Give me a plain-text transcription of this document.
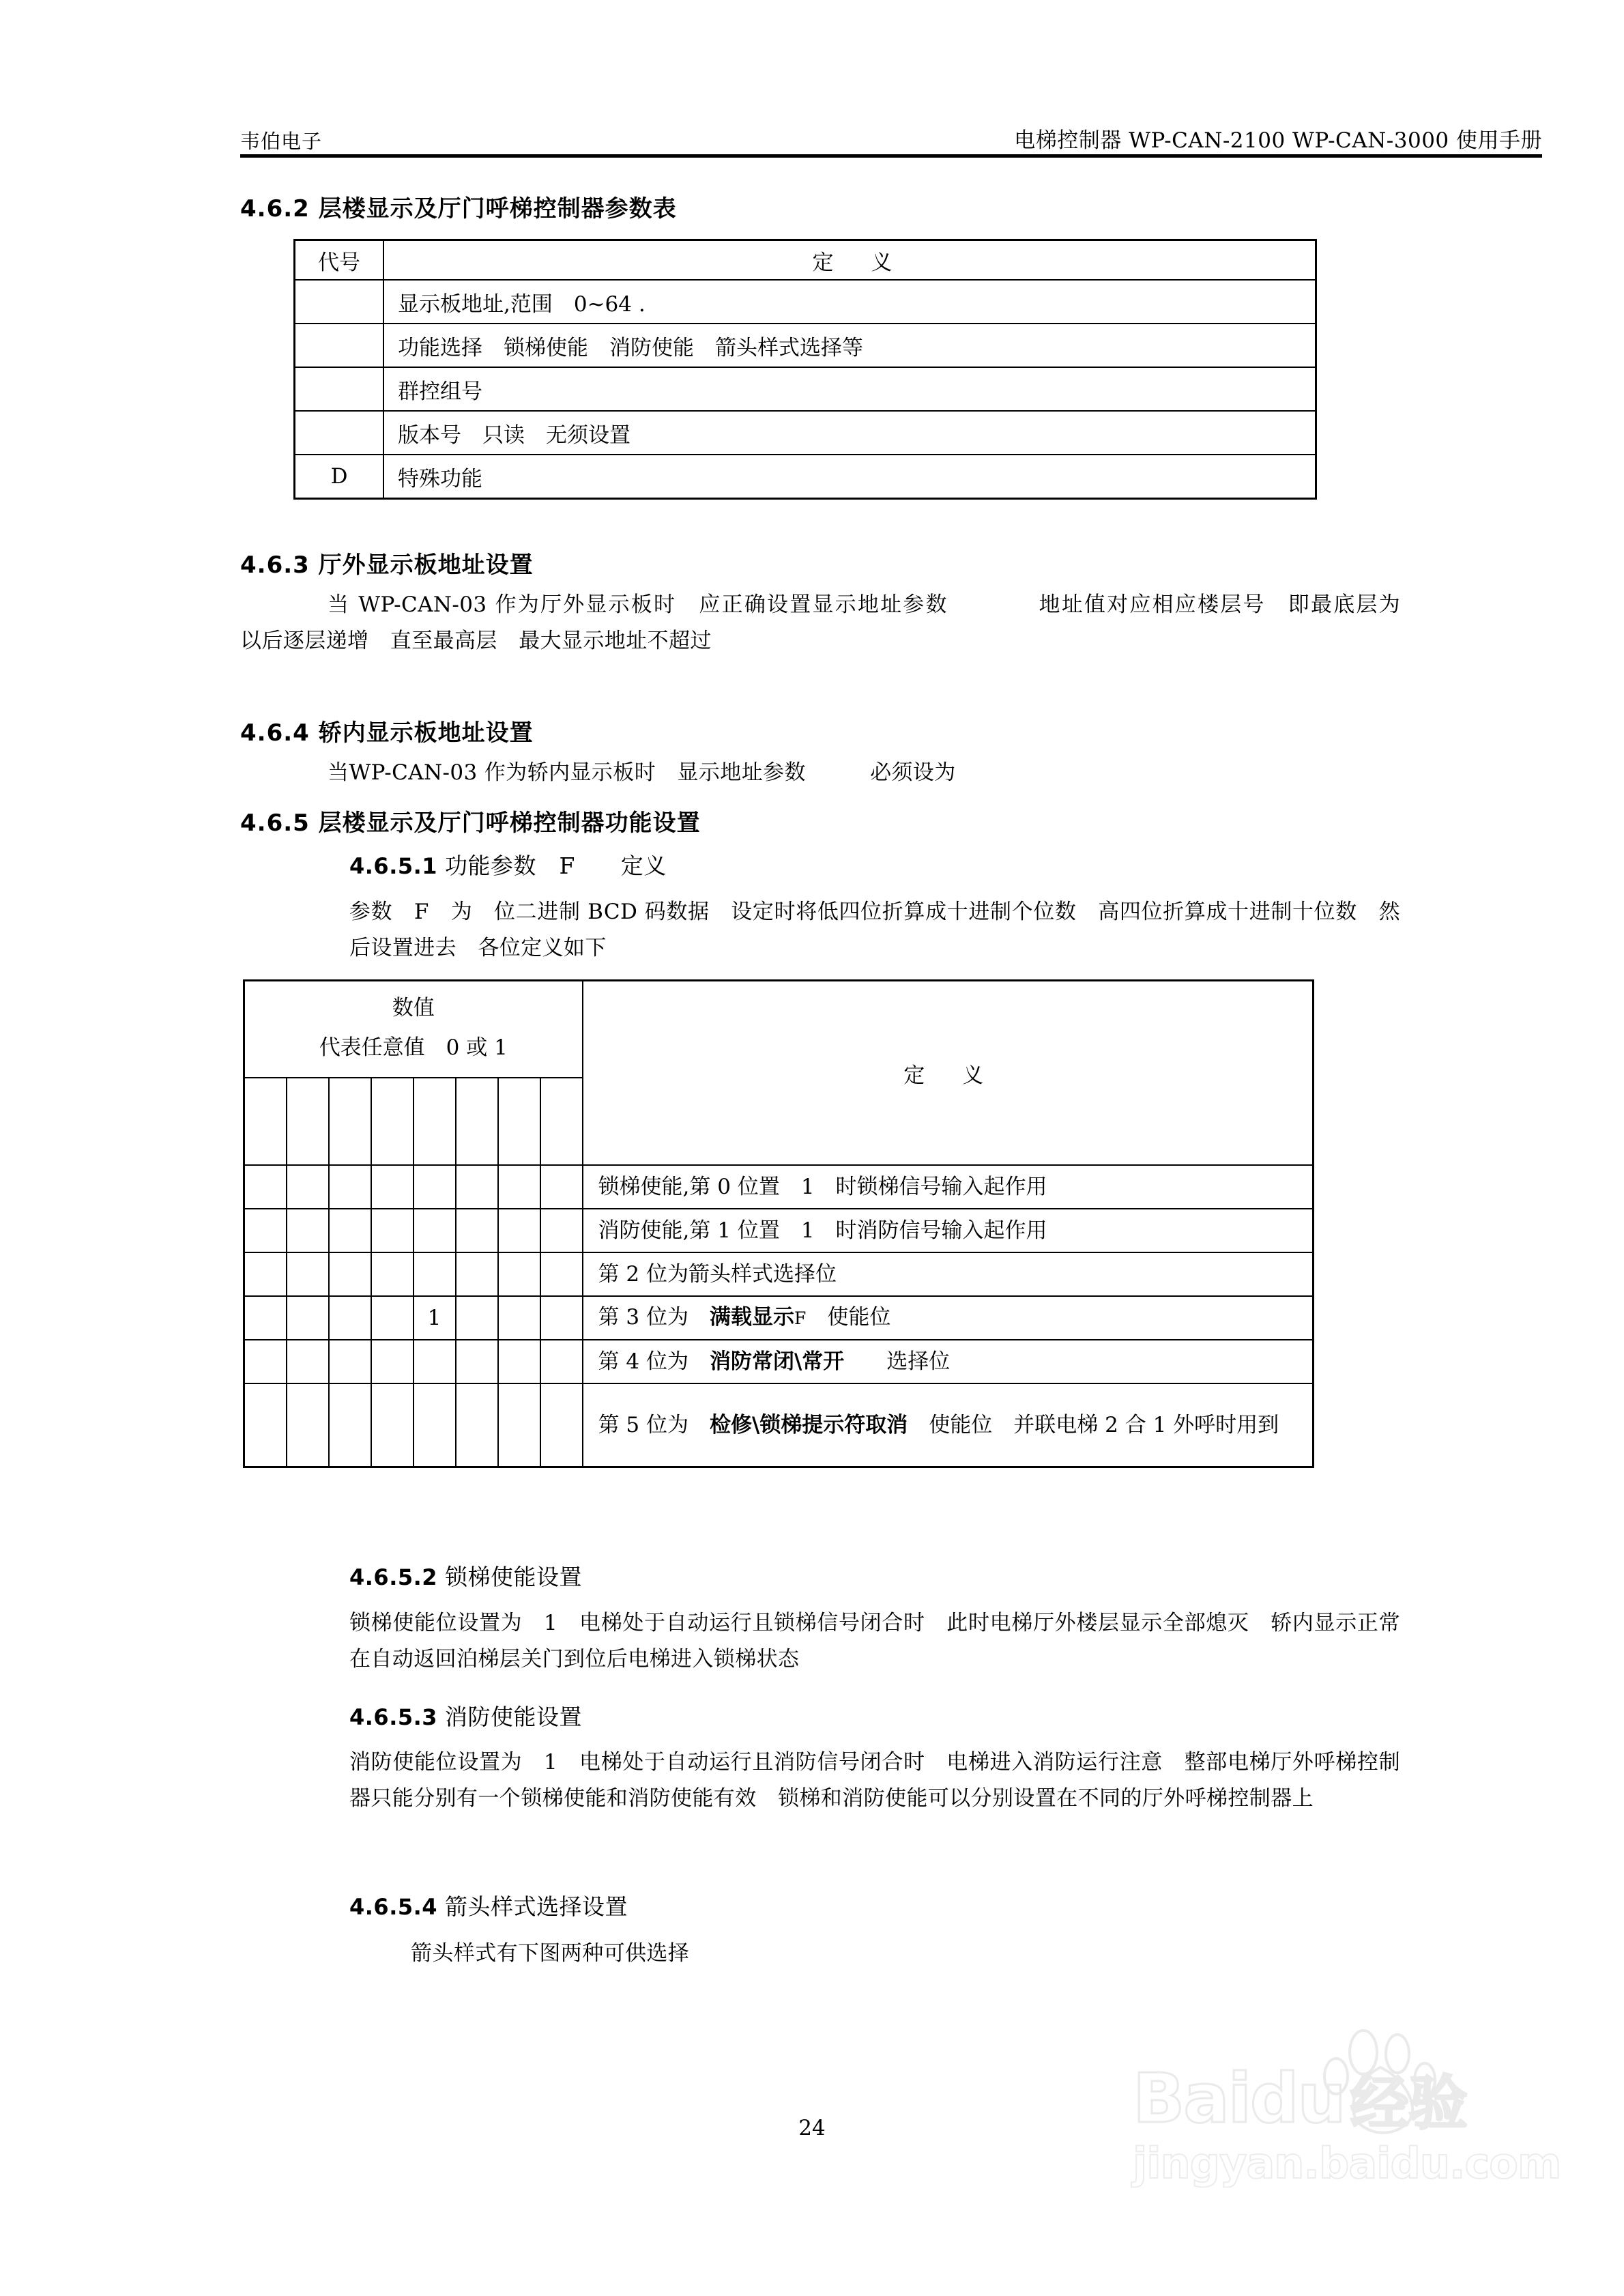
韦伯电子	电梯控制器 WP-CAN-2100 WP-CAN-3000 使用手册
4.6.2 层楼显示及厅门呼梯控制器参数表
代号	定　义
	显示板地址,范围　0~64 .
	功能选择　锁梯使能　消防使能　箭头样式选择等
	群控组号
	版本号　只读　无须设置
D	特殊功能
4.6.3 厅外显示板地址设置
当 WP-CAN-03 作为厅外显示板时　应正确设置显示地址参数　　　　地址值对应相应楼层号　即最底层为　　　　　以后逐层递增　直至最高层　最大显示地址不超过
4.6.4 轿内显示板地址设置
当WP-CAN-03 作为轿内显示板时　显示地址参数　　　必须设为
4.6.5 层楼显示及厅门呼梯控制器功能设置
4.6.5.1 功能参数　F　　定义
参数　F　为　位二进制 BCD 码数据　设定时将低四位折算成十进制个位数　高四位折算成十进制十位数　然后设置进去　各位定义如下
数值
代表任意值　0 或 1								定　义

								锁梯使能,第 0 位置　1　时锁梯信号输入起作用
								消防使能,第 1 位置　1　时消防信号输入起作用
								第 2 位为箭头样式选择位
				1				第 3 位为　满载显示F　使能位
								第 4 位为　消防常闭\常开　　选择位
								第 5 位为　检修\锁梯提示符取消　使能位　并联电梯 2 合 1 外呼时用到
4.6.5.2 锁梯使能设置
锁梯使能位设置为　1　电梯处于自动运行且锁梯信号闭合时　此时电梯厅外楼层显示全部熄灭　轿内显示正常　在自动返回泊梯层关门到位后电梯进入锁梯状态
4.6.5.3 消防使能设置
消防使能位设置为　1　电梯处于自动运行且消防信号闭合时　电梯进入消防运行注意　整部电梯厅外呼梯控制器只能分别有一个锁梯使能和消防使能有效　锁梯和消防使能可以分别设置在不同的厅外呼梯控制器上
4.6.5.4 箭头样式选择设置
箭头样式有下图两种可供选择
Baidu 经验
jingyan.baidu.com
24
